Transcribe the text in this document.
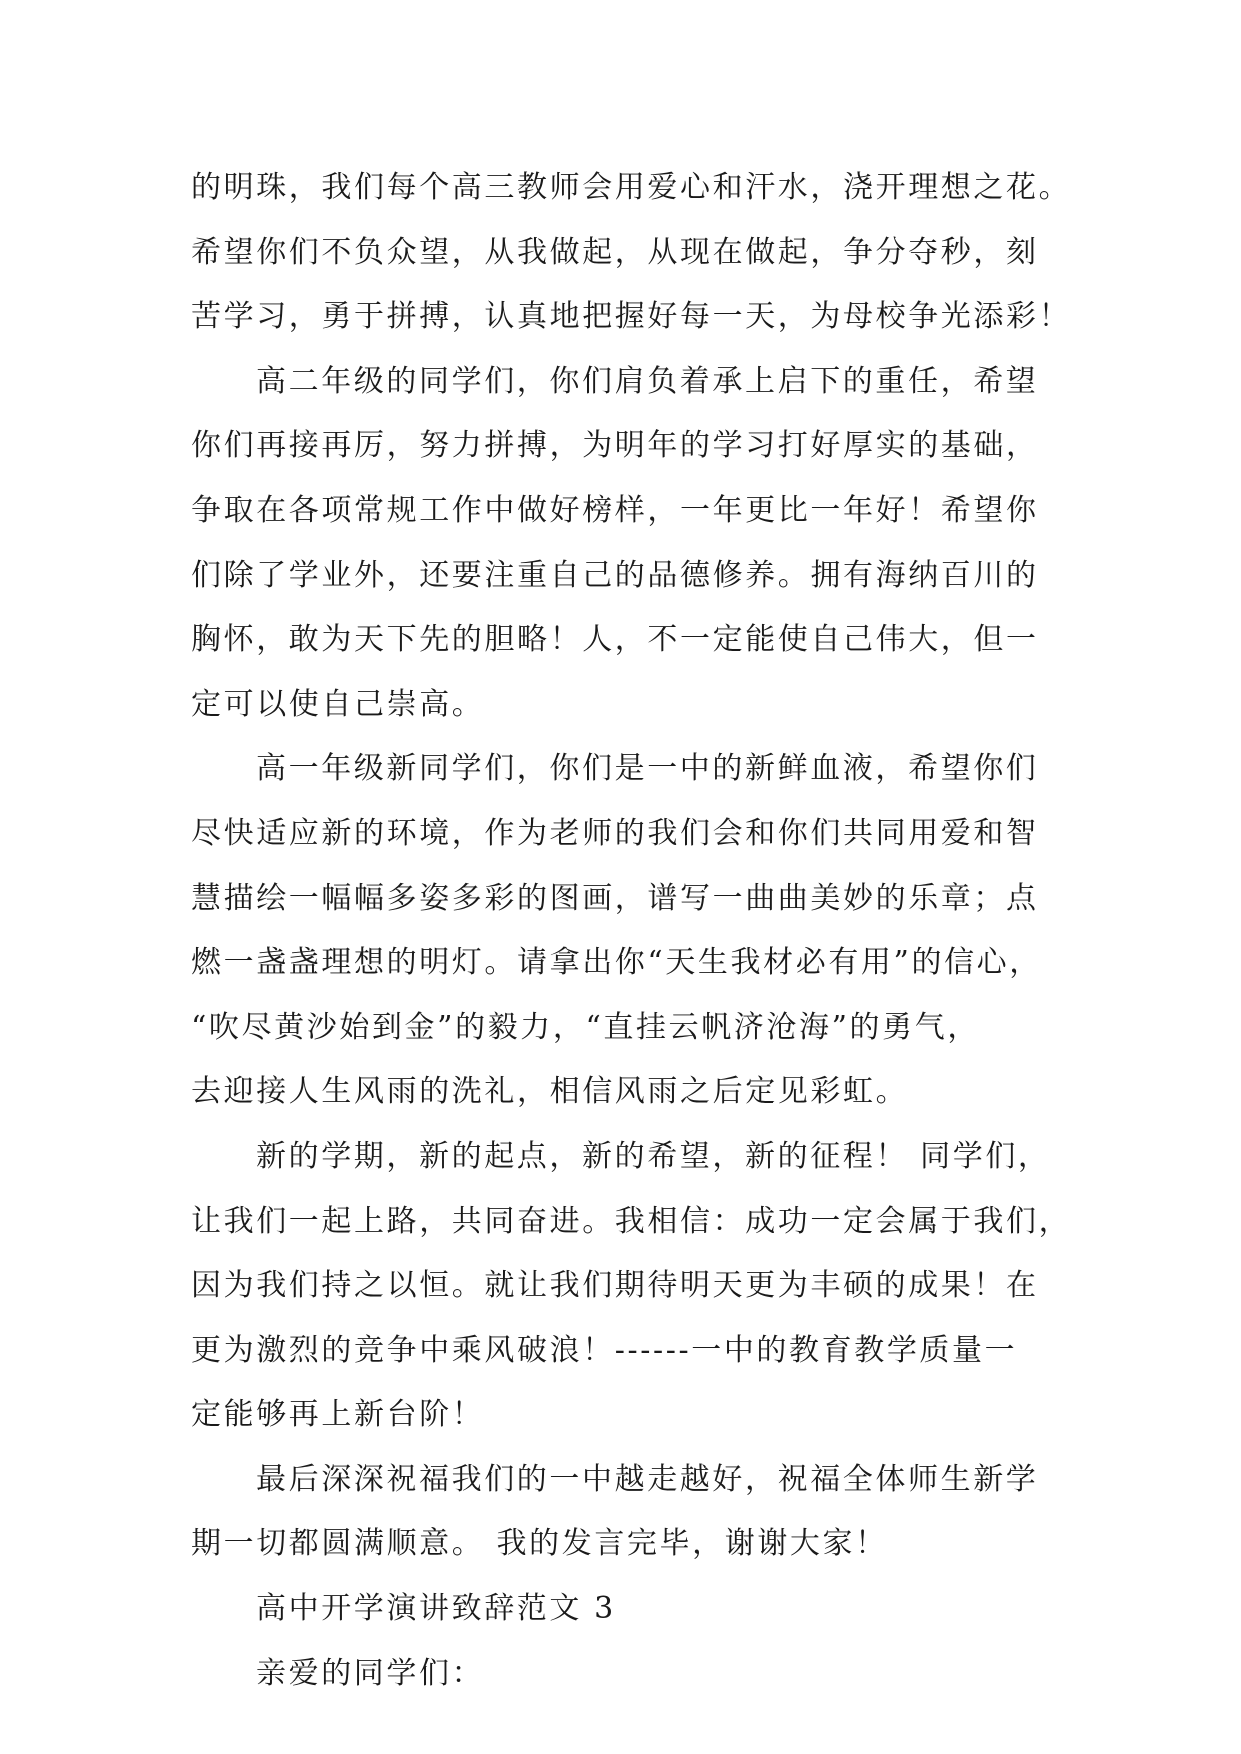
的明珠，我们每个高三教师会用爱心和汗水，浇开理想之花。
希望你们不负众望，从我做起，从现在做起，争分夺秒，刻
苦学习，勇于拼搏，认真地把握好每一天，为母校争光添彩！
高二年级的同学们，你们肩负着承上启下的重任，希望
你们再接再厉，努力拼搏，为明年的学习打好厚实的基础，
争取在各项常规工作中做好榜样，一年更比一年好！希望你
们除了学业外，还要注重自己的品德修养。拥有海纳百川的
胸怀，敢为天下先的胆略！人，不一定能使自己伟大，但一
定可以使自己崇高。
高一年级新同学们，你们是一中的新鲜血液，希望你们
尽快适应新的环境，作为老师的我们会和你们共同用爱和智
慧描绘一幅幅多姿多彩的图画，谱写一曲曲美妙的乐章；点
燃一盏盏理想的明灯。请拿出你“天生我材必有用”的信心，
“吹尽黄沙始到金”的毅力，“直挂云帆济沧海”的勇气，
去迎接人生风雨的洗礼，相信风雨之后定见彩虹。
新的学期，新的起点，新的希望，新的征程！ 同学们，
让我们一起上路，共同奋进。我相信：成功一定会属于我们，
因为我们持之以恒。就让我们期待明天更为丰硕的成果！在
更为激烈的竞争中乘风破浪！------一中的教育教学质量一
定能够再上新台阶！
最后深深祝福我们的一中越走越好，祝福全体师生新学
期一切都圆满顺意。 我的发言完毕，谢谢大家！
高中开学演讲致辞范文 3
亲爱的同学们：
